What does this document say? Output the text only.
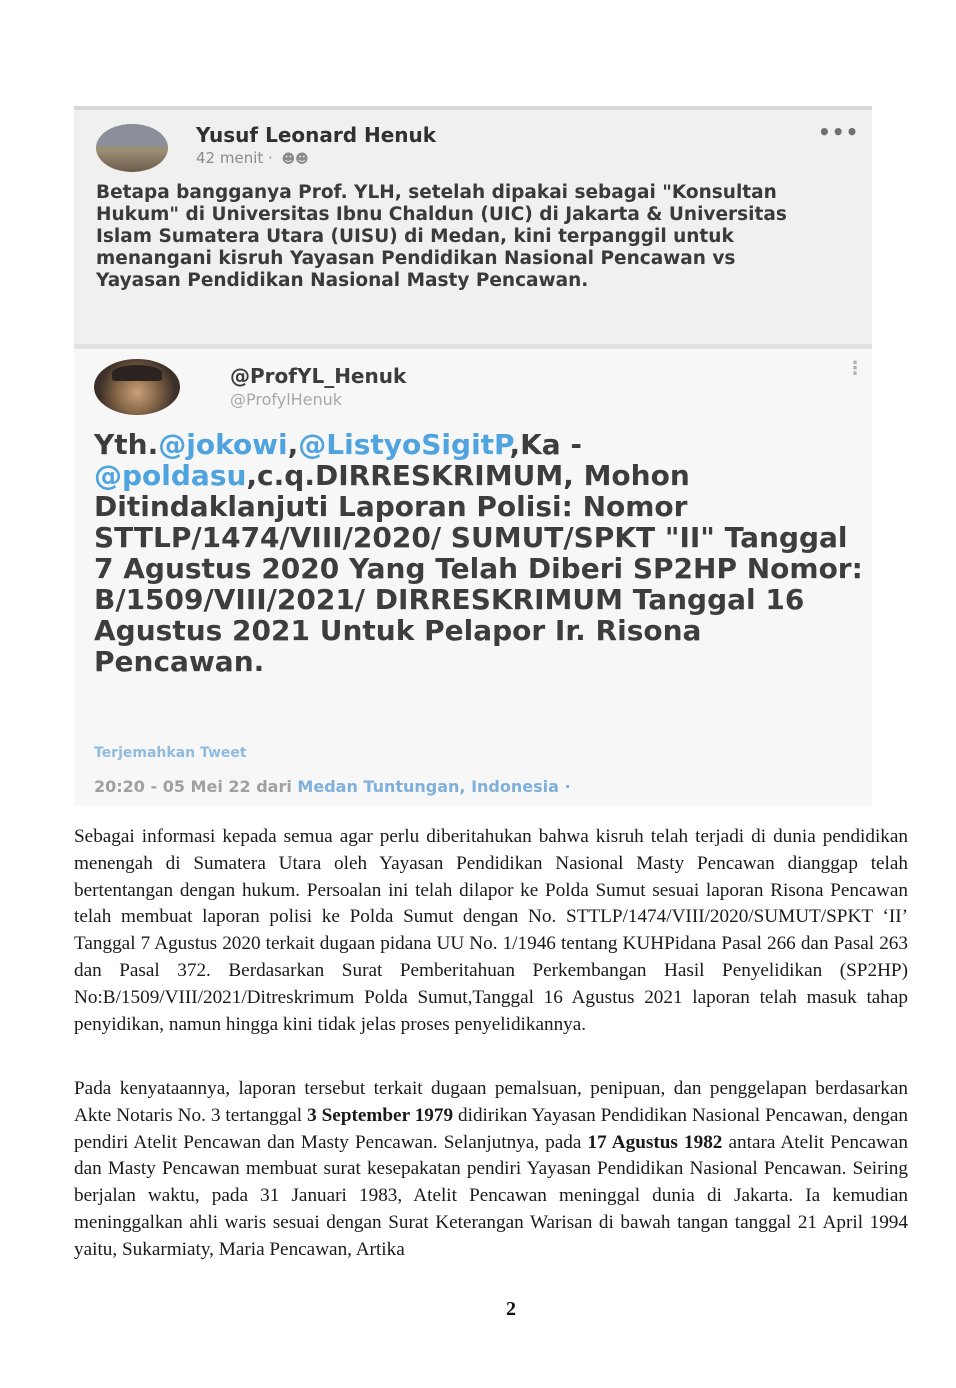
Yusuf Leonard Henuk
42 menit · ☻☻
•••

Betapa bangganya Prof. YLH, setelah dipakai sebagai "Konsultan Hukum" di Universitas Ibnu Chaldun (UIC) di Jakarta & Universitas Islam Sumatera Utara (UISU) di Medan, kini terpanggil untuk menangani kisruh Yayasan Pendidikan Nasional Pencawan vs Yayasan Pendidikan Nasional Masty Pencawan.

@ProfYL_Henuk
@ProfylHenuk
⋮

Yth.@jokowi,@ListyoSigitP,Ka -@poldasu,c.q.DIRRESKRIMUM, Mohon Ditindaklanjuti Laporan Polisi: Nomor STTLP/1474/VIII/2020/ SUMUT/SPKT "II" Tanggal 7 Agustus 2020 Yang Telah Diberi SP2HP Nomor: B/1509/VIII/2021/ DIRRESKRIMUM Tanggal 16 Agustus 2021 Untuk Pelapor Ir. Risona Pencawan.

Terjemahkan Tweet
20:20 - 05 Mei 22 dari Medan Tuntungan, Indonesia ·

Sebagai informasi kepada semua agar perlu diberitahukan bahwa kisruh telah terjadi di dunia pendidikan menengah di Sumatera Utara oleh Yayasan Pendidikan Nasional Masty Pencawan dianggap telah bertentangan dengan hukum. Persoalan ini telah dilapor ke Polda Sumut sesuai laporan Risona Pencawan telah membuat laporan polisi ke Polda Sumut dengan No. STTLP/1474/VIII/2020/SUMUT/SPKT ‘II’ Tanggal 7 Agustus 2020 terkait dugaan pidana UU No. 1/1946 tentang KUHPidana Pasal 266 dan Pasal 263 dan Pasal 372. Berdasarkan Surat Pemberitahuan Perkembangan Hasil Penyelidikan (SP2HP) No:B/1509/VIII/2021/Ditreskrimum Polda Sumut,Tanggal 16 Agustus 2021 laporan telah masuk tahap penyidikan, namun hingga kini tidak jelas proses penyelidikannya.

Pada kenyataannya, laporan tersebut terkait dugaan pemalsuan, penipuan, dan penggelapan berdasarkan Akte Notaris No. 3 tertanggal 3 September 1979 didirikan Yayasan Pendidikan Nasional Pencawan, dengan pendiri Atelit Pencawan dan Masty Pencawan. Selanjutnya, pada 17 Agustus 1982 antara Atelit Pencawan dan Masty Pencawan membuat surat kesepakatan pendiri Yayasan Pendidikan Nasional Pencawan. Seiring berjalan waktu, pada 31 Januari 1983, Atelit Pencawan meninggal dunia di Jakarta. Ia kemudian meninggalkan ahli waris sesuai dengan Surat Keterangan Warisan di bawah tangan tanggal 21 April 1994 yaitu, Sukarmiaty, Maria Pencawan, Artika

2
